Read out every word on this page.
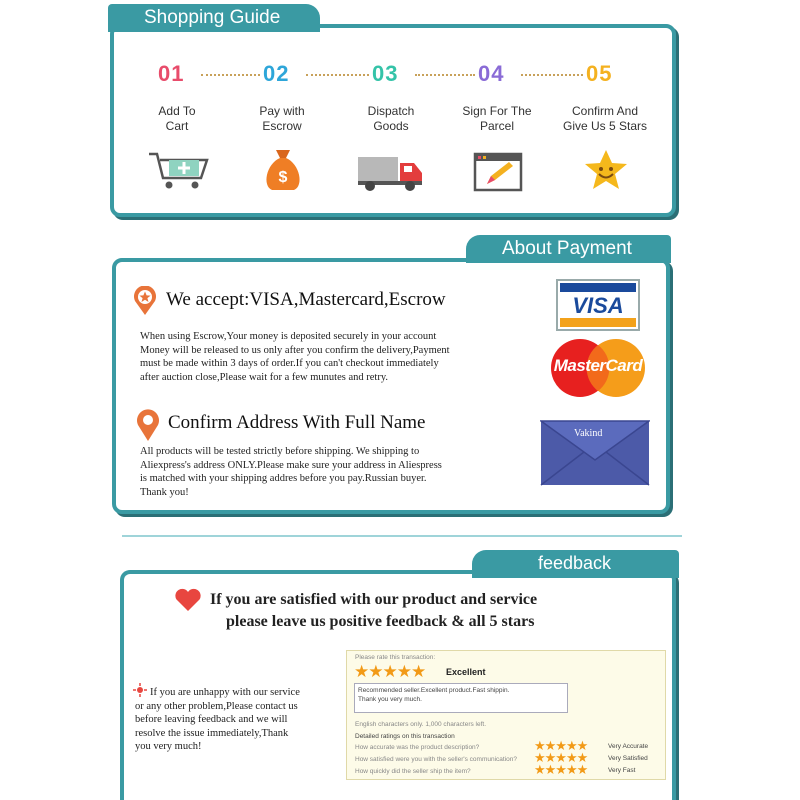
Shopping Guide
01
Add To
Cart
02
Pay with
Escrow
$
03
Dispatch
Goods
04
Sign For The
Parcel
05
Confirm And
Give Us 5 Stars
About Payment
We accept:VISA,Mastercard,Escrow
When using Escrow,Your money is deposited securely in your account
Money will be released to us only after you confirm the delivery,Payment
must be made within 3 days of order.If you can't checkout immediately
after auction close,Please wait for a few munutes and retry.
Confirm Address With Full Name
All products will be tested strictly before shipping. We shipping to
Aliexpress's address ONLY.Please make sure your address in Aliespress
is matched with your shipping addres before you pay.Russian buyer.
Thank you!
VISA
MasterCard
Vakind
feedback
If you are satisfied with our product and service
please leave us positive feedback & all 5 stars
If you are unhappy with our service
or any other problem,Please contact us
before leaving feedback and we will
resolve the issue immediately,Thank
you very much!
Please rate this transaction:
★★★★★ Excellent
Recommended seller.Excellent product.Fast shippin.
Thank you very much.
English characters only. 1,000 characters left.
Detailed ratings on this transaction
How accurate was the product description?	★★★★★	Very Accurate
How satisfied were you with the seller's communication? ★★★★★	Very Satisfied
How quickly did the seller ship the item?	★★★★★	Very Fast
